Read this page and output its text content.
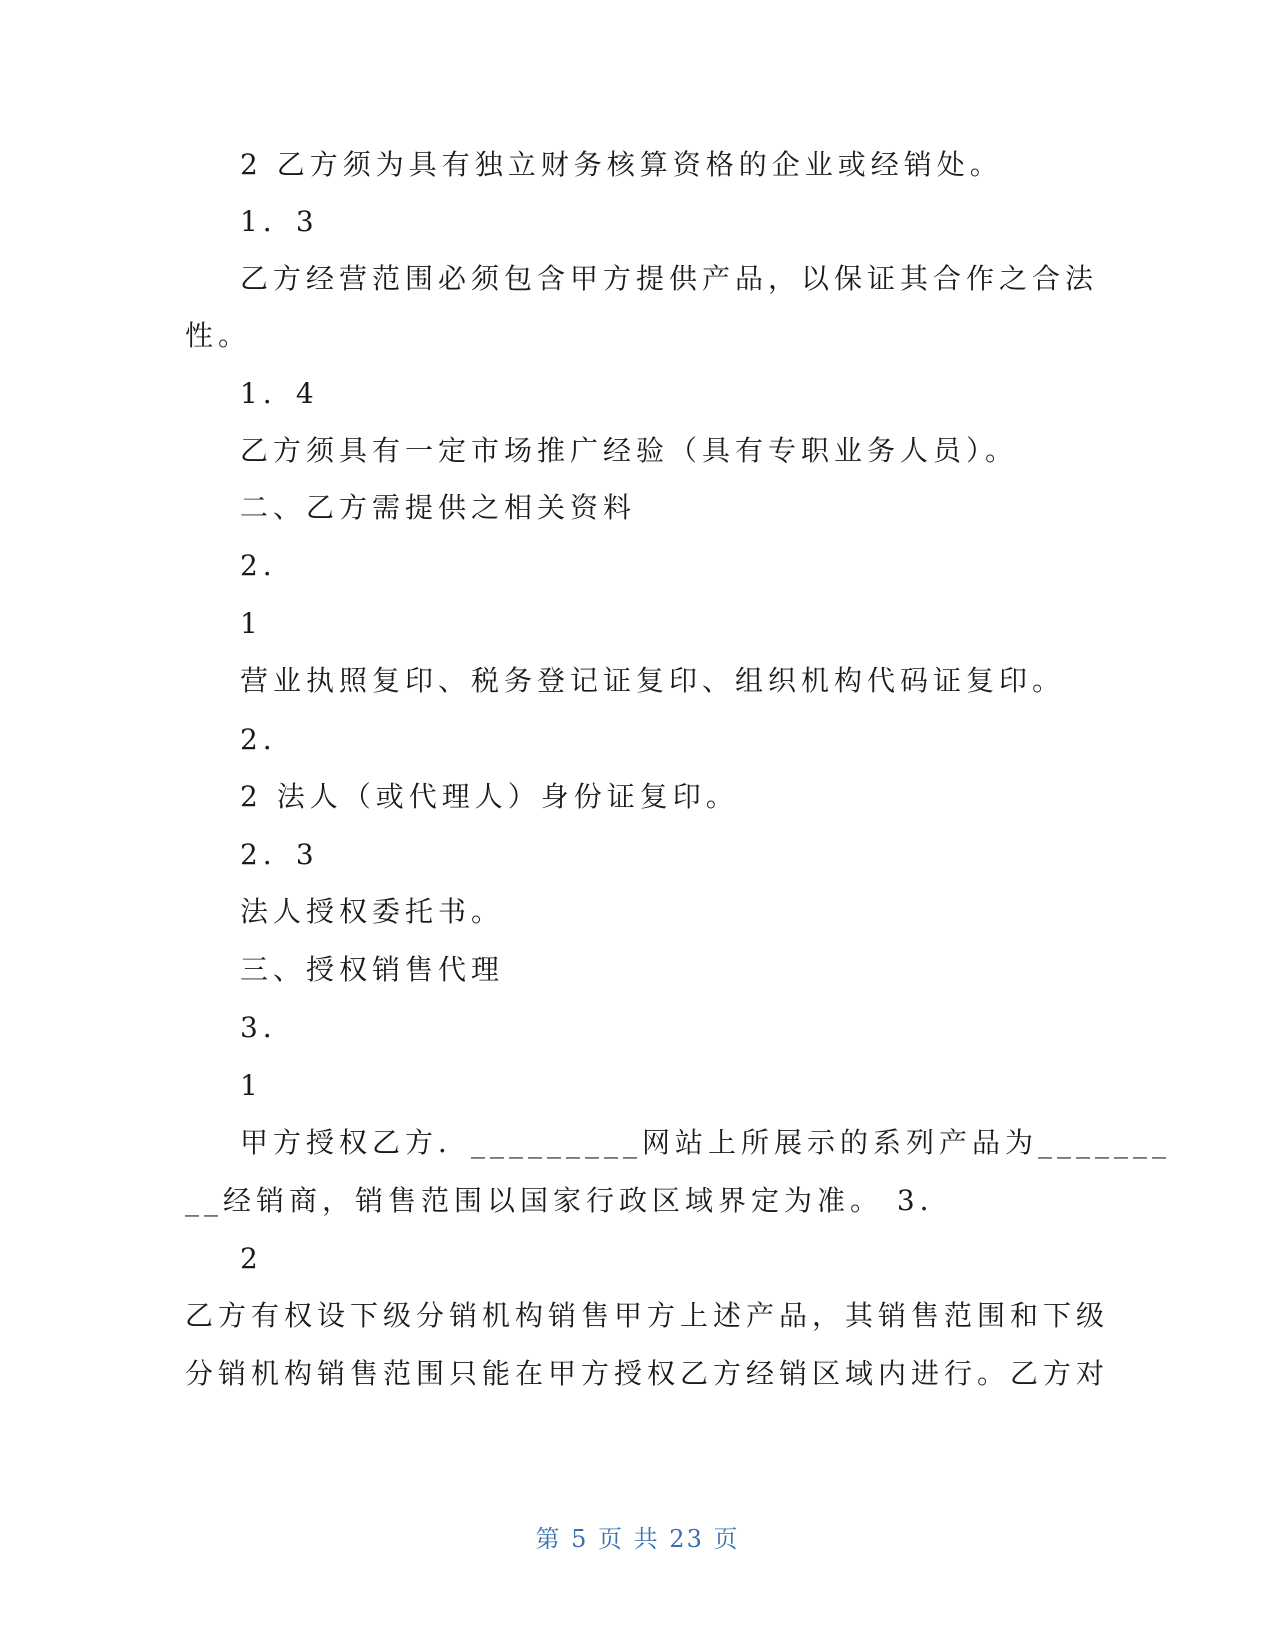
2 乙方须为具有独立财务核算资格的企业或经销处。
1．3
乙方经营范围必须包含甲方提供产品，以保证其合作之合法
性。
1．4
乙方须具有一定市场推广经验（具有专职业务人员）。
二、乙方需提供之相关资料
2．
1
营业执照复印、税务登记证复印、组织机构代码证复印。
2．
2 法人（或代理人）身份证复印。
2．3
法人授权委托书。
三、授权销售代理
3．
1
甲方授权乙方．_________网站上所展示的系列产品为_______
__经销商，销售范围以国家行政区域界定为准。 3．
2
乙方有权设下级分销机构销售甲方上述产品，其销售范围和下级
分销机构销售范围只能在甲方授权乙方经销区域内进行。乙方对
第 5 页 共 23 页
